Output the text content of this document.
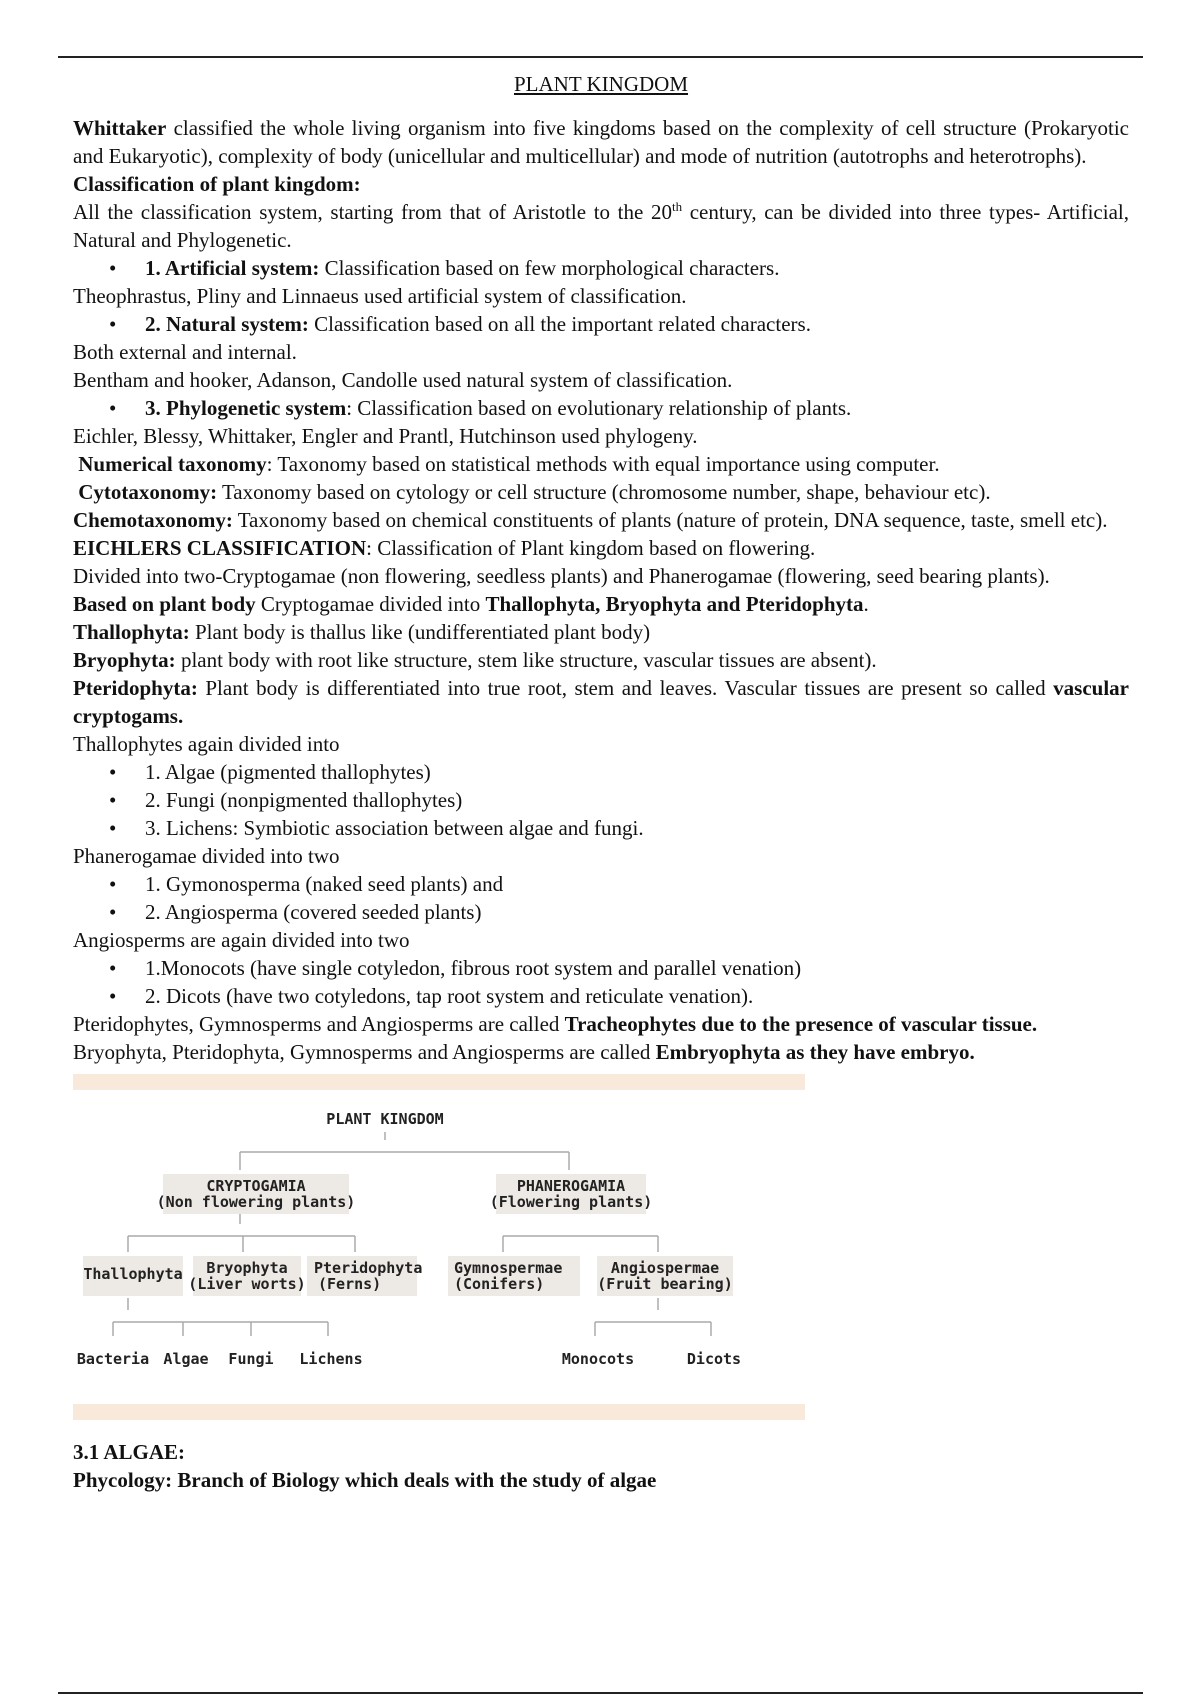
PLANT KINGDOM

Whittaker classified the whole living organism into five kingdoms based on the complexity of cell structure (Prokaryotic and Eukaryotic), complexity of body (unicellular and multicellular) and mode of nutrition (autotrophs and heterotrophs).

Classification of plant kingdom:

All the classification system, starting from that of Aristotle to the 20th century, can be divided into three types- Artificial, Natural and Phylogenetic.

• 1. Artificial system: Classification based on few morphological characters.

Theophrastus, Pliny and Linnaeus used artificial system of classification.

• 2. Natural system: Classification based on all the important related characters.

Both external and internal.

Bentham and hooker, Adanson, Candolle used natural system of classification.

• 3. Phylogenetic system: Classification based on evolutionary relationship of plants.

Eichler, Blessy, Whittaker, Engler and Prantl, Hutchinson used phylogeny.

Numerical taxonomy: Taxonomy based on statistical methods with equal importance using computer.

Cytotaxonomy: Taxonomy based on cytology or cell structure (chromosome number, shape, behaviour etc).

Chemotaxonomy: Taxonomy based on chemical constituents of plants (nature of protein, DNA sequence, taste, smell etc).

EICHLERS CLASSIFICATION: Classification of Plant kingdom based on flowering.

Divided into two-Cryptogamae (non flowering, seedless plants) and Phanerogamae (flowering, seed bearing plants).

Based on plant body Cryptogamae divided into Thallophyta, Bryophyta and Pteridophyta.

Thallophyta: Plant body is thallus like (undifferentiated plant body)

Bryophyta: plant body with root like structure, stem like structure, vascular tissues are absent).

Pteridophyta: Plant body is differentiated into true root, stem and leaves. Vascular tissues are present so called vascular cryptogams.

Thallophytes again divided into

• 1. Algae (pigmented thallophytes)
• 2. Fungi (nonpigmented thallophytes)
• 3. Lichens: Symbiotic association between algae and fungi.

Phanerogamae divided into two

• 1. Gymonosperma (naked seed plants) and
• 2. Angiosperma (covered seeded plants)

Angiosperms are again divided into two

• 1.Monocots (have single cotyledon, fibrous root system and parallel venation)
• 2. Dicots (have two cotyledons, tap root system and reticulate venation).

Pteridophytes, Gymnosperms and Angiosperms are called Tracheophytes due to the presence of vascular tissue.

Bryophyta, Pteridophyta, Gymnosperms and Angiosperms are called Embryophyta as they have embryo.

PLANT KINGDOM
CRYPTOGAMIA
(Non flowering plants)
PHANEROGAMIA
(Flowering plants)
Thallophyta Bryophyta
(Liver worts)
Pteridophyta
(Ferns)
Gymnospermae
(Conifers)
Angiospermae
(Fruit bearing)
Bacteria Algae Fungi Lichens	Monocots	Dicots

3.1 ALGAE:

Phycology: Branch of Biology which deals with the study of algae
